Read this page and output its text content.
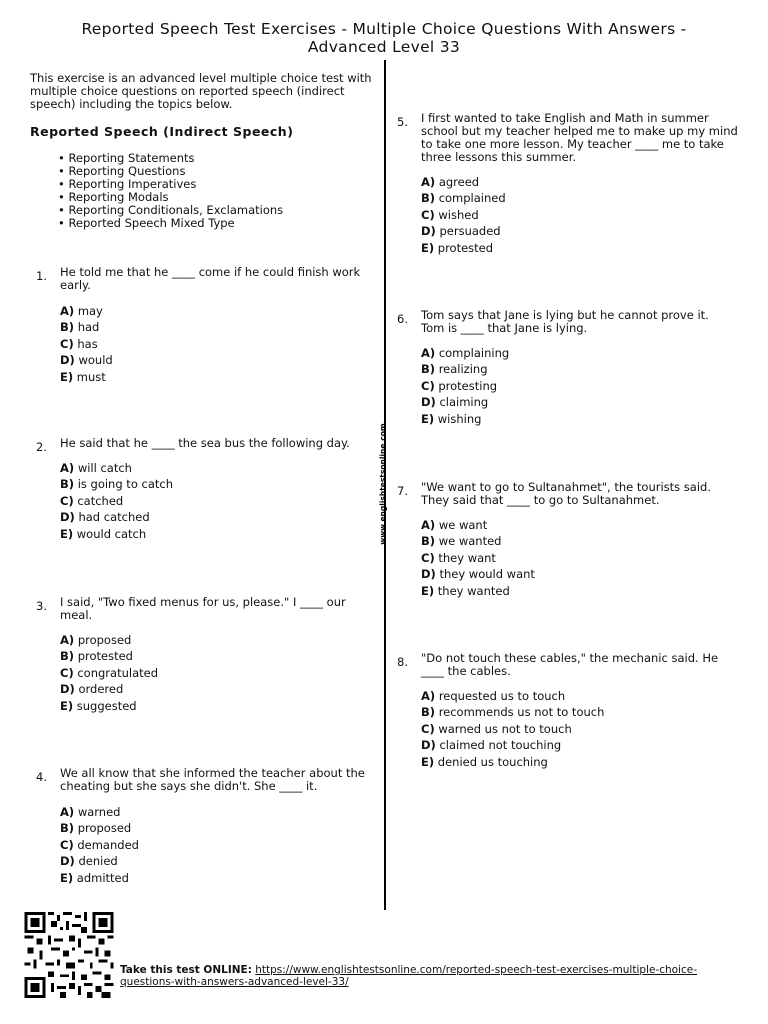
Reported Speech Test Exercises - Multiple Choice Questions With Answers -
Advanced Level 33
www.englishtestsonline.com
This exercise is an advanced level multiple choice test with multiple choice questions on reported speech (indirect speech) including the topics below.
Reported Speech (Indirect Speech)
• Reporting Statements
• Reporting Questions
• Reporting Imperatives
• Reporting Modals
• Reporting Conditionals, Exclamations
• Reported Speech Mixed Type
1. He told me that he ____ come if he could finish work early.
A) may
B) had
C) has
D) would
E) must
2. He said that he ____ the sea bus the following day.
A) will catch
B) is going to catch
C) catched
D) had catched
E) would catch
3. I said, "Two fixed menus for us, please." I ____ our meal.
A) proposed
B) protested
C) congratulated
D) ordered
E) suggested
4. We all know that she informed the teacher about the cheating but she says she didn't. She ____ it.
A) warned
B) proposed
C) demanded
D) denied
E) admitted
5. I first wanted to take English and Math in summer school but my teacher helped me to make up my mind to take one more lesson. My teacher ____ me to take three lessons this summer.
A) agreed
B) complained
C) wished
D) persuaded
E) protested
6. Tom says that Jane is lying but he cannot prove it. Tom is ____ that Jane is lying.
A) complaining
B) realizing
C) protesting
D) claiming
E) wishing
7. "We want to go to Sultanahmet", the tourists said. They said that ____ to go to Sultanahmet.
A) we want
B) we wanted
C) they want
D) they would want
E) they wanted
8. "Do not touch these cables," the mechanic said. He ____ the cables.
A) requested us to touch
B) recommends us not to touch
C) warned us not to touch
D) claimed not touching
E) denied us touching
Take this test ONLINE: https://www.englishtestsonline.com/reported-speech-test-exercises-multiple-choice-questions-with-answers-advanced-level-33/
